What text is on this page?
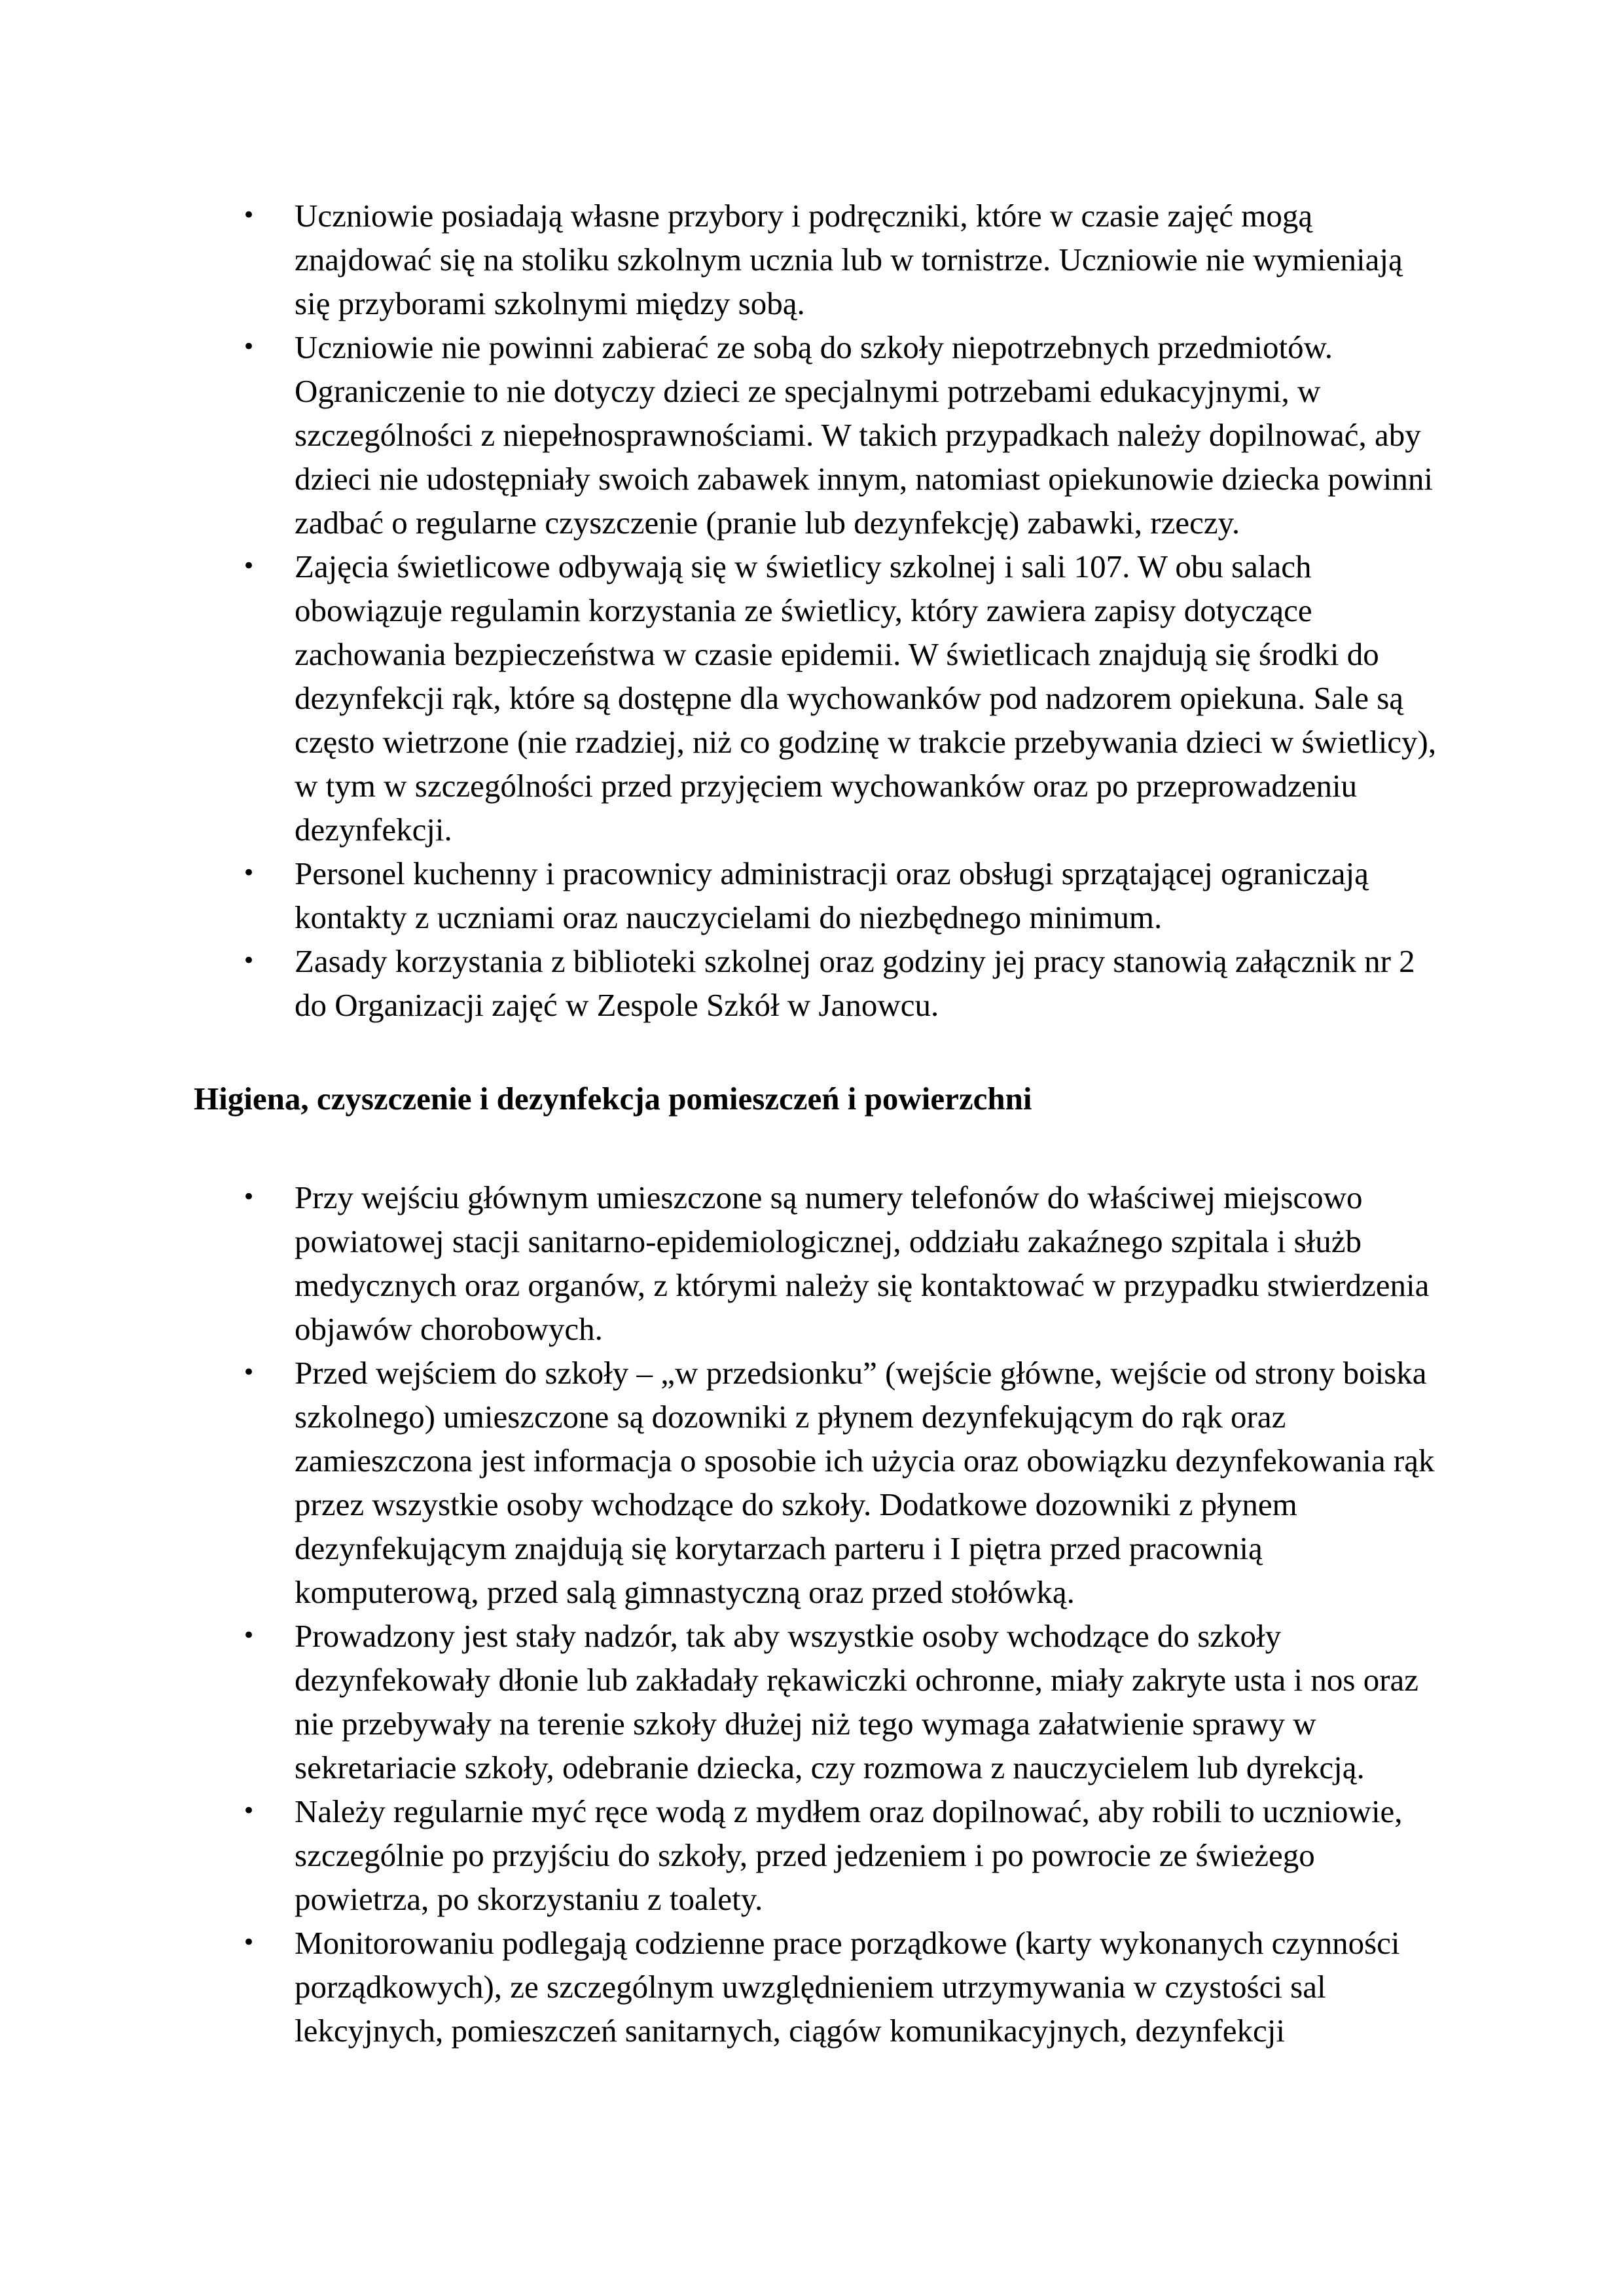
• Uczniowie posiadają własne przybory i podręczniki, które w czasie zajęć mogą znajdować się na stoliku szkolnym ucznia lub w tornistrze. Uczniowie nie wymieniają się przyborami szkolnymi między sobą.
• Uczniowie nie powinni zabierać ze sobą do szkoły niepotrzebnych przedmiotów. Ograniczenie to nie dotyczy dzieci ze specjalnymi potrzebami edukacyjnymi, w szczególności z niepełnosprawnościami. W takich przypadkach należy dopilnować, aby dzieci nie udostępniały swoich zabawek innym, natomiast opiekunowie dziecka powinni zadbać o regularne czyszczenie (pranie lub dezynfekcję) zabawki, rzeczy.
• Zajęcia świetlicowe odbywają się w świetlicy szkolnej i sali 107. W obu salach obowiązuje regulamin korzystania ze świetlicy, który zawiera zapisy dotyczące zachowania bezpieczeństwa w czasie epidemii. W świetlicach znajdują się środki do dezynfekcji rąk, które są dostępne dla wychowanków pod nadzorem opiekuna. Sale są często wietrzone (nie rzadziej, niż co godzinę w trakcie przebywania dzieci w świetlicy), w tym w szczególności przed przyjęciem wychowanków oraz po przeprowadzeniu dezynfekcji.
• Personel kuchenny i pracownicy administracji oraz obsługi sprzątającej ograniczają kontakty z uczniami oraz nauczycielami do niezbędnego minimum.
• Zasady korzystania z biblioteki szkolnej oraz godziny jej pracy stanowią załącznik nr 2 do Organizacji zajęć w Zespole Szkół w Janowcu.
Higiena, czyszczenie i dezynfekcja pomieszczeń i powierzchni
• Przy wejściu głównym umieszczone są numery telefonów do właściwej miejscowo powiatowej stacji sanitarno-epidemiologicznej, oddziału zakaźnego szpitala i służb medycznych oraz organów, z którymi należy się kontaktować w przypadku stwierdzenia objawów chorobowych.
• Przed wejściem do szkoły – „w przedsionku” (wejście główne, wejście od strony boiska szkolnego) umieszczone są dozowniki z płynem dezynfekującym do rąk oraz zamieszczona jest informacja o sposobie ich użycia oraz obowiązku dezynfekowania rąk przez wszystkie osoby wchodzące do szkoły. Dodatkowe dozowniki z płynem dezynfekującym znajdują się korytarzach parteru i I piętra przed pracownią komputerową, przed salą gimnastyczną oraz przed stołówką.
• Prowadzony jest stały nadzór, tak aby wszystkie osoby wchodzące do szkoły dezynfekowały dłonie lub zakładały rękawiczki ochronne, miały zakryte usta i nos oraz nie przebywały na terenie szkoły dłużej niż tego wymaga załatwienie sprawy w sekretariacie szkoły, odebranie dziecka, czy rozmowa z nauczycielem lub dyrekcją.
• Należy regularnie myć ręce wodą z mydłem oraz dopilnować, aby robili to uczniowie, szczególnie po przyjściu do szkoły, przed jedzeniem i po powrocie ze świeżego powietrza, po skorzystaniu z toalety.
• Monitorowaniu podlegają codzienne prace porządkowe (karty wykonanych czynności porządkowych), ze szczególnym uwzględnieniem utrzymywania w czystości sal lekcyjnych, pomieszczeń sanitarnych, ciągów komunikacyjnych, dezynfekcji
